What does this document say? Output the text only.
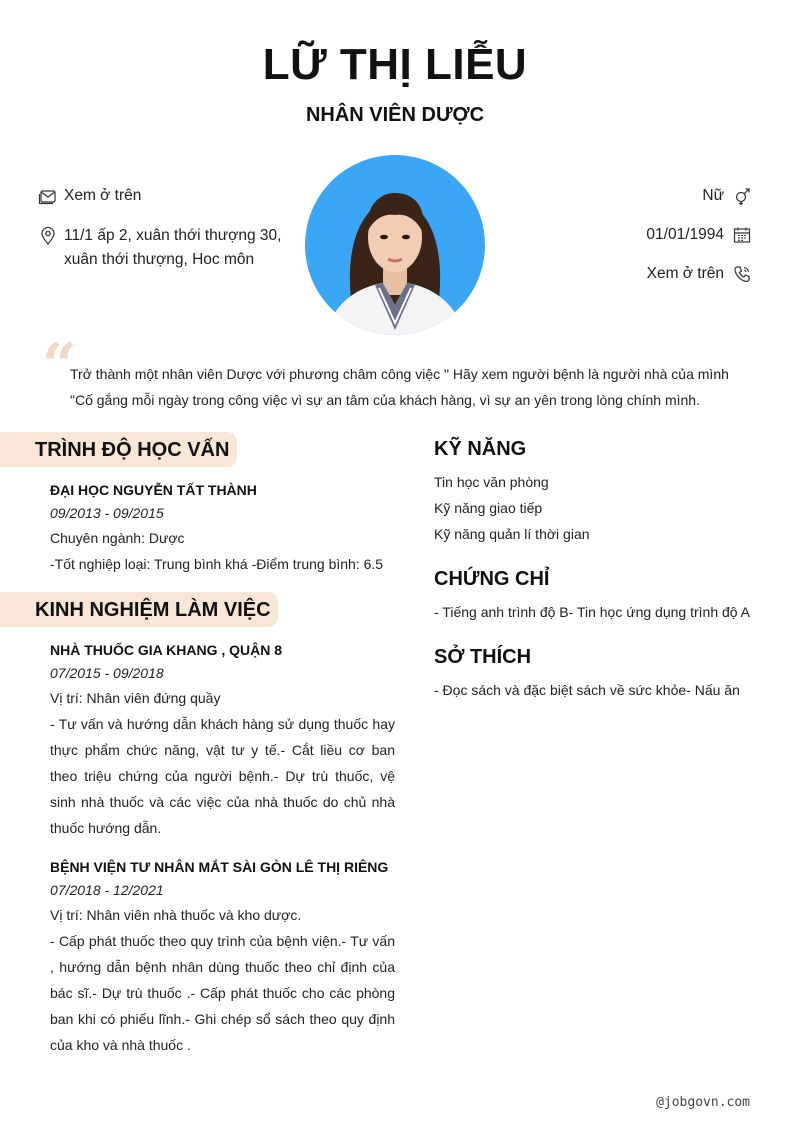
LỮ THỊ LIỄU
NHÂN VIÊN DƯỢC
Xem ở trên
11/1 ấp 2, xuân thới thượng 30, xuân thới thượng, Hoc môn
Nữ
01/01/1994
Xem ở trên
“
Trở thành một nhân viên Dược với phương châm công việc " Hãy xem người bệnh là người nhà của mình "Cố gắng mỗi ngày trong công việc vì sự an tâm của khách hàng, vì sự an yên trong lòng chính mình.
TRÌNH ĐỘ HỌC VẤN
ĐẠI HỌC NGUYỄN TẤT THÀNH
09/2013 - 09/2015
Chuyên ngành: Dược
-Tốt nghiệp loại: Trung bình khá -Điểm trung bình: 6.5
KINH NGHIỆM LÀM VIỆC
NHÀ THUỐC GIA KHANG , QUẬN 8
07/2015 - 09/2018
Vị trí: Nhân viên đứng quầy
- Tư vấn và hướng dẫn khách hàng sử dụng thuốc hay thực phẩm chức năng, vật tư y tế.- Cắt liều cơ ban theo triệu chứng của người bệnh.- Dự trù thuốc, vệ sinh nhà thuốc và các việc của nhà thuốc do chủ nhà thuốc hướng dẫn.
BỆNH VIỆN TƯ NHÂN MẮT SÀI GÒN LÊ THỊ RIÊNG
07/2018 - 12/2021
Vị trí: Nhân viên nhà thuốc và kho dược.
- Cấp phát thuốc theo quy trình của bệnh viện.- Tư vấn , hướng dẫn bệnh nhân dùng thuốc theo chỉ định của bác sĩ.- Dự trù thuốc .- Cấp phát thuốc cho các phòng ban khi có phiếu lĩnh.- Ghi chép sổ sách theo quy định của kho và nhà thuốc .
KỸ NĂNG
Tin học văn phòng
Kỹ năng giao tiếp
Kỹ năng quản lí thời gian
CHỨNG CHỈ
- Tiếng anh trình độ B- Tin học ứng dụng trình độ A
SỞ THÍCH
- Đọc sách và đặc biệt sách về sức khỏe- Nấu ăn
@jobgovn.com
